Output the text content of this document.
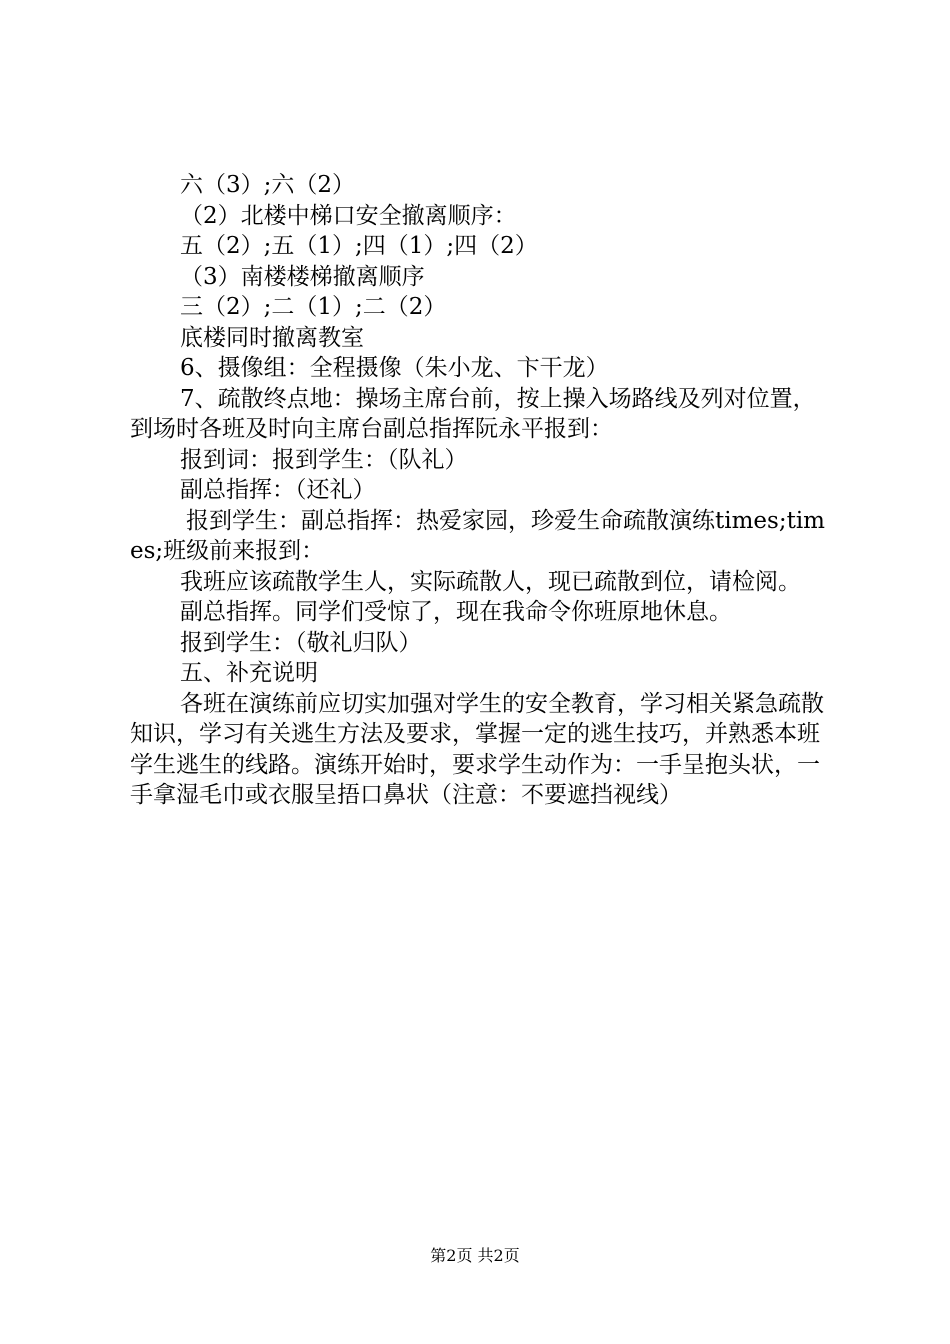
六（3）;六（2）

（2）北楼中梯口安全撤离顺序：

五（2）;五（1）;四（1）;四（2）

（3）南楼楼梯撤离顺序

三（2）;二（1）;二（2）

底楼同时撤离教室

6、摄像组：全程摄像（朱小龙、卞干龙）

7、疏散终点地：操场主席台前，按上操入场路线及列对位置，到场时各班及时向主席台副总指挥阮永平报到：

报到词：报到学生：（队礼）

副总指挥：（还礼）

报到学生：副总指挥：热爱家园，珍爱生命疏散演练times;times;班级前来报到：

我班应该疏散学生人，实际疏散人，现已疏散到位，请检阅。

副总指挥。同学们受惊了，现在我命令你班原地休息。

报到学生：（敬礼归队）

五、补充说明

各班在演练前应切实加强对学生的安全教育，学习相关紧急疏散知识，学习有关逃生方法及要求，掌握一定的逃生技巧，并熟悉本班学生逃生的线路。演练开始时，要求学生动作为：一手呈抱头状，一手拿湿毛巾或衣服呈捂口鼻状（注意：不要遮挡视线）

第2页 共2页
